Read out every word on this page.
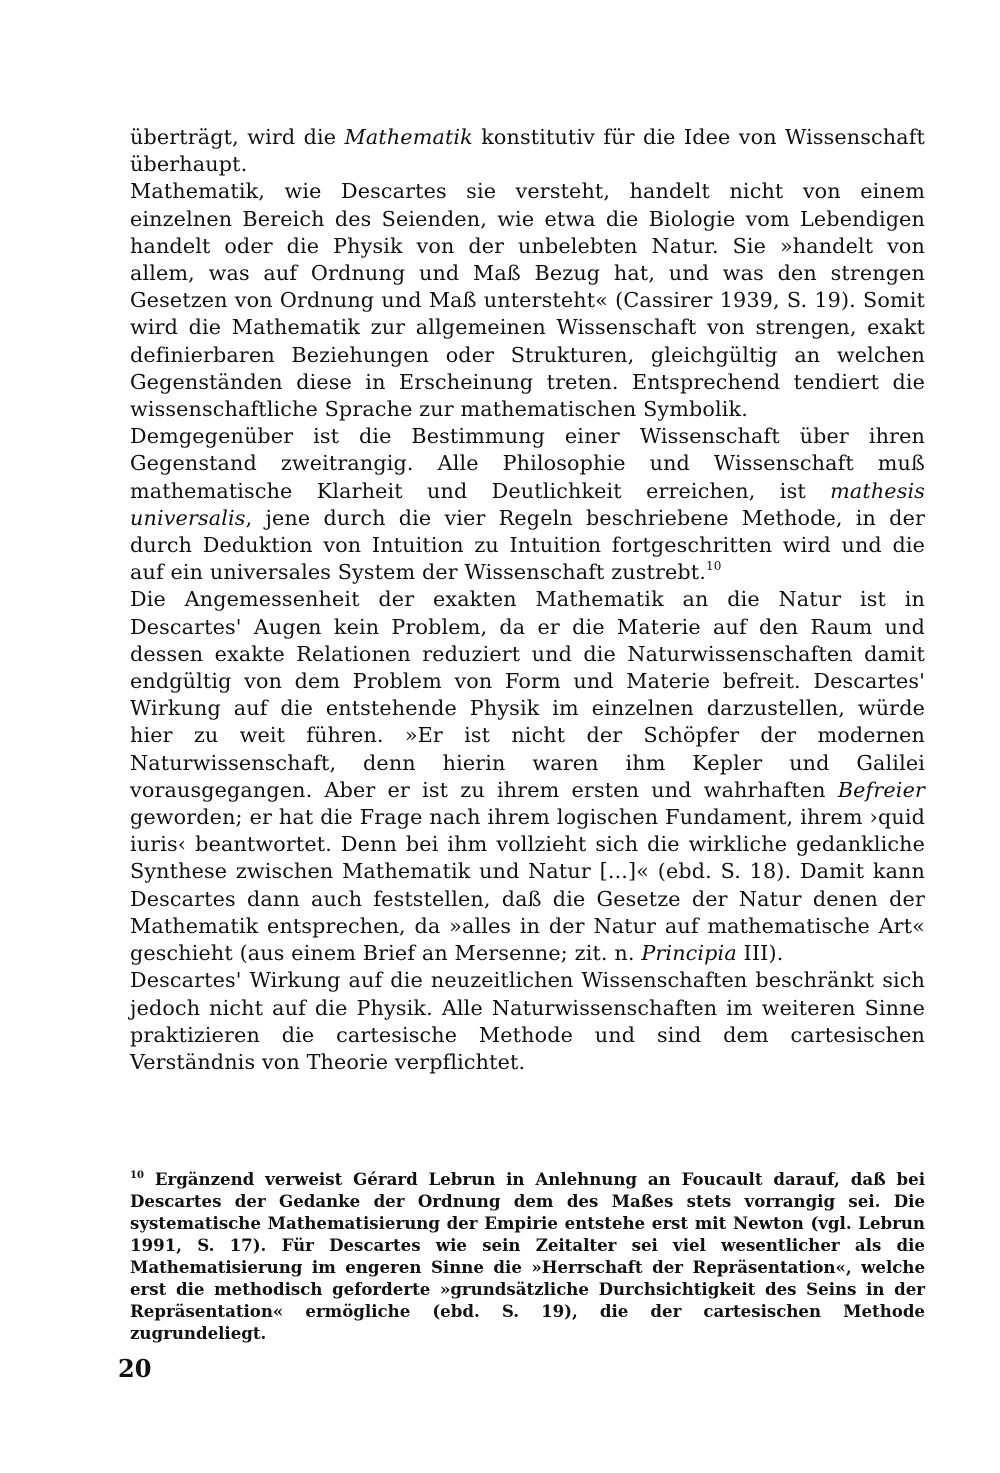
überträgt, wird die Mathematik konstitutiv für die Idee von Wissenschaft überhaupt.

Mathematik, wie Descartes sie versteht, handelt nicht von einem einzelnen Bereich des Seienden, wie etwa die Biologie vom Lebendigen handelt oder die Physik von der unbelebten Natur. Sie »handelt von allem, was auf Ordnung und Maß Bezug hat, und was den strengen Gesetzen von Ordnung und Maß untersteht« (Cassirer 1939, S. 19). Somit wird die Mathematik zur allgemeinen Wissenschaft von strengen, exakt definierbaren Beziehungen oder Strukturen, gleichgültig an welchen Gegenständen diese in Erscheinung treten. Entsprechend tendiert die wissenschaftliche Sprache zur mathematischen Symbolik.

Demgegenüber ist die Bestimmung einer Wissenschaft über ihren Gegenstand zweitrangig. Alle Philosophie und Wissenschaft muß mathematische Klarheit und Deutlichkeit erreichen, ist mathesis universalis, jene durch die vier Regeln beschriebene Methode, in der durch Deduktion von Intuition zu Intuition fortgeschritten wird und die auf ein universales System der Wissenschaft zustrebt.$^{10}$

Die Angemessenheit der exakten Mathematik an die Natur ist in Descartes' Augen kein Problem, da er die Materie auf den Raum und dessen exakte Relationen reduziert und die Naturwissenschaften damit endgültig von dem Problem von Form und Materie befreit. Descartes' Wirkung auf die entstehende Physik im einzelnen darzustellen, würde hier zu weit führen. »Er ist nicht der Schöpfer der modernen Naturwissenschaft, denn hierin waren ihm Kepler und Galilei vorausgegangen. Aber er ist zu ihrem ersten und wahrhaften Befreier geworden; er hat die Frage nach ihrem logischen Fundament, ihrem ›quid iuris‹ beantwortet. Denn bei ihm vollzieht sich die wirkliche gedankliche Synthese zwischen Mathematik und Natur [...]« (ebd. S. 18). Damit kann Descartes dann auch feststellen, daß die Gesetze der Natur denen der Mathematik entsprechen, da »alles in der Natur auf mathematische Art« geschieht (aus einem Brief an Mersenne; zit. n. Principia III).

Descartes' Wirkung auf die neuzeitlichen Wissenschaften beschränkt sich jedoch nicht auf die Physik. Alle Naturwissenschaften im weiteren Sinne praktizieren die cartesische Methode und sind dem cartesischen Verständnis von Theorie verpflichtet.

$^{10}$ Ergänzend verweist Gérard Lebrun in Anlehnung an Foucault darauf, daß bei Descartes der Gedanke der Ordnung dem des Maßes stets vorrangig sei. Die systematische Mathematisierung der Empirie entstehe erst mit Newton (vgl. Lebrun 1991, S. 17). Für Descartes wie sein Zeitalter sei viel wesentlicher als die Mathematisierung im engeren Sinne die »Herrschaft der Repräsentation«, welche erst die methodisch geforderte »grundsätzliche Durchsichtigkeit des Seins in der Repräsentation« ermögliche (ebd. S. 19), die der cartesischen Methode zugrundeliegt.

20
